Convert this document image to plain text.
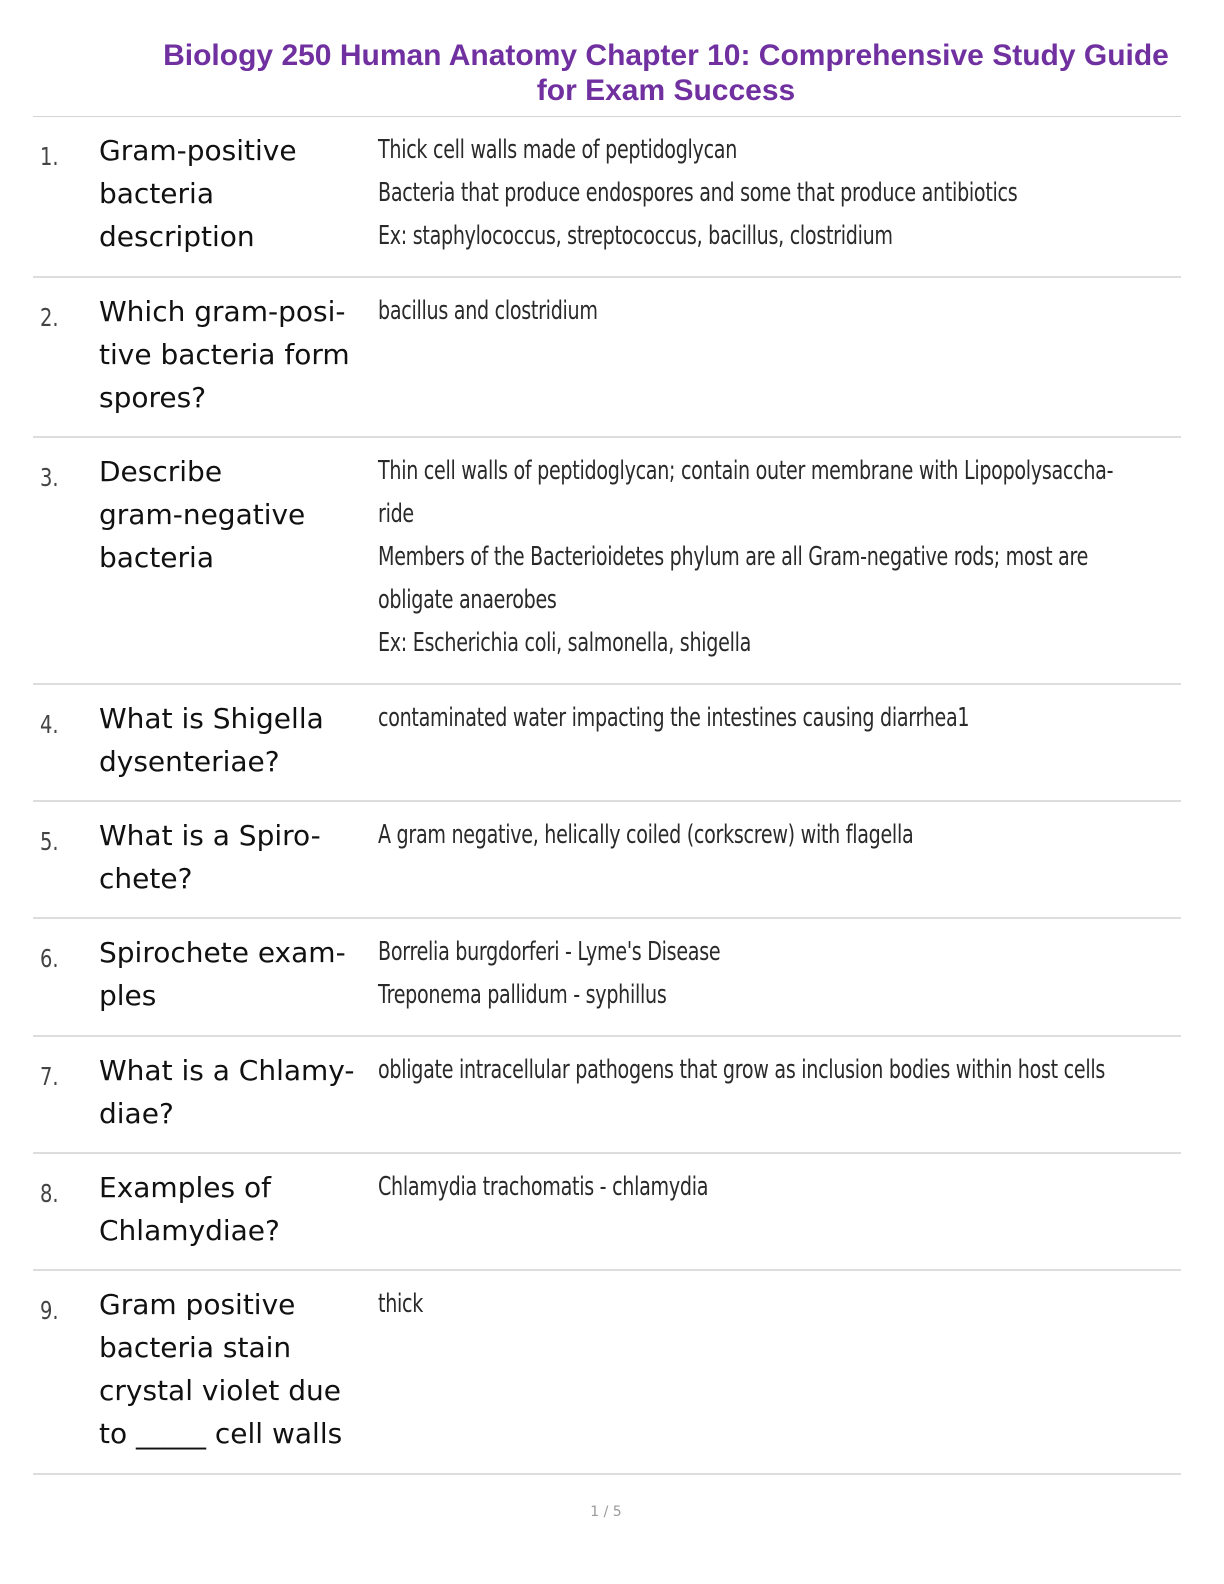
Biology 250 Human Anatomy Chapter 10: Comprehensive Study Guide
for Exam Success
1. Gram-positive
bacteria
description
Thick cell walls made of peptidoglycan
Bacteria that produce endospores and some that produce antibiotics
Ex: staphylococcus, streptococcus, bacillus, clostridium
2. Which gram-posi-
tive bacteria form
spores?
bacillus and clostridium
3. Describe
gram-negative
bacteria
Thin cell walls of peptidoglycan; contain outer membrane with Lipopolysaccha-
ride
Members of the Bacterioidetes phylum are all Gram-negative rods; most are
obligate anaerobes
Ex: Escherichia coli, salmonella, shigella
4. What is Shigella
dysenteriae?
contaminated water impacting the intestines causing diarrhea1
5. What is a Spiro-
chete?
A gram negative, helically coiled (corkscrew) with flagella
6. Spirochete exam-
ples
Borrelia burgdorferi - Lyme's Disease
Treponema pallidum - syphillus
7. What is a Chlamy-
diae?
obligate intracellular pathogens that grow as inclusion bodies within host cells
8. Examples of
Chlamydiae?
Chlamydia trachomatis - chlamydia
9. Gram positive
bacteria stain
crystal violet due
to _____ cell walls
thick
1 / 5
